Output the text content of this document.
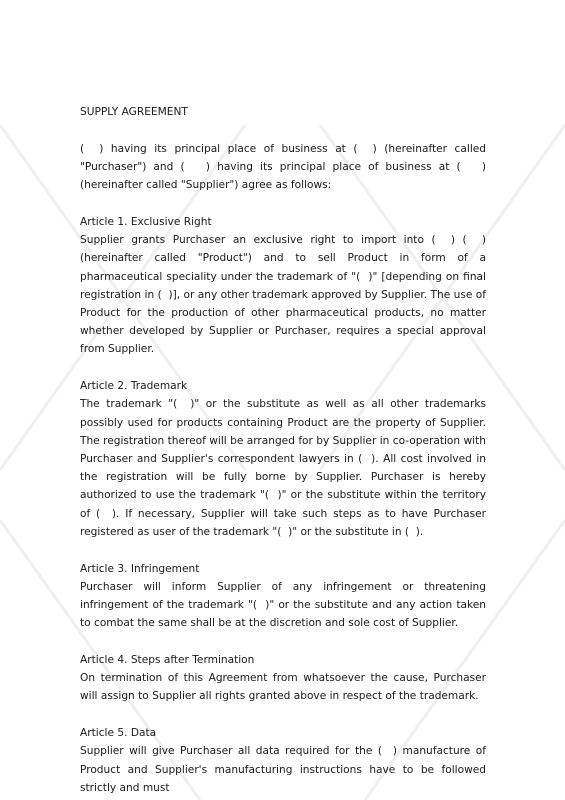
SUPPLY AGREEMENT

(  ) having its principal place of business at (  ) (hereinafter called "Purchaser") and (   ) having its principal place of business at (   ) (hereinafter called "Supplier") agree as follows:

Article 1. Exclusive Right

Supplier grants Purchaser an exclusive right to import into (  ) (  ) (hereinafter called "Product") and to sell Product in form of a pharmaceutical speciality under the trademark of "(  )" [depending on final registration in (  )], or any other trademark approved by Supplier. The use of Product for the production of other pharmaceutical products, no matter whether developed by Supplier or Purchaser, requires a special approval from Supplier.

Article 2. Trademark

The trademark "(  )" or the substitute as well as all other trademarks possibly used for products containing Product are the property of Supplier. The registration thereof will be arranged for by Supplier in co-operation with Purchaser and Supplier's correspondent lawyers in (  ). All cost involved in the registration will be fully borne by Supplier. Purchaser is hereby authorized to use the trademark "(  )" or the substitute within the territory of (  ). If necessary, Supplier will take such steps as to have Purchaser registered as user of the trademark "(  )" or the substitute in (  ).

Article 3. Infringement

Purchaser will inform Supplier of any infringement or threatening infringement of the trademark "(  )" or the substitute and any action taken to combat the same shall be at the discretion and sole cost of Supplier.

Article 4. Steps after Termination

On termination of this Agreement from whatsoever the cause, Purchaser will assign to Supplier all rights granted above in respect of the trademark.

Article 5. Data

Supplier will give Purchaser all data required for the (  ) manufacture of Product and Supplier's manufacturing instructions have to be followed strictly and must
